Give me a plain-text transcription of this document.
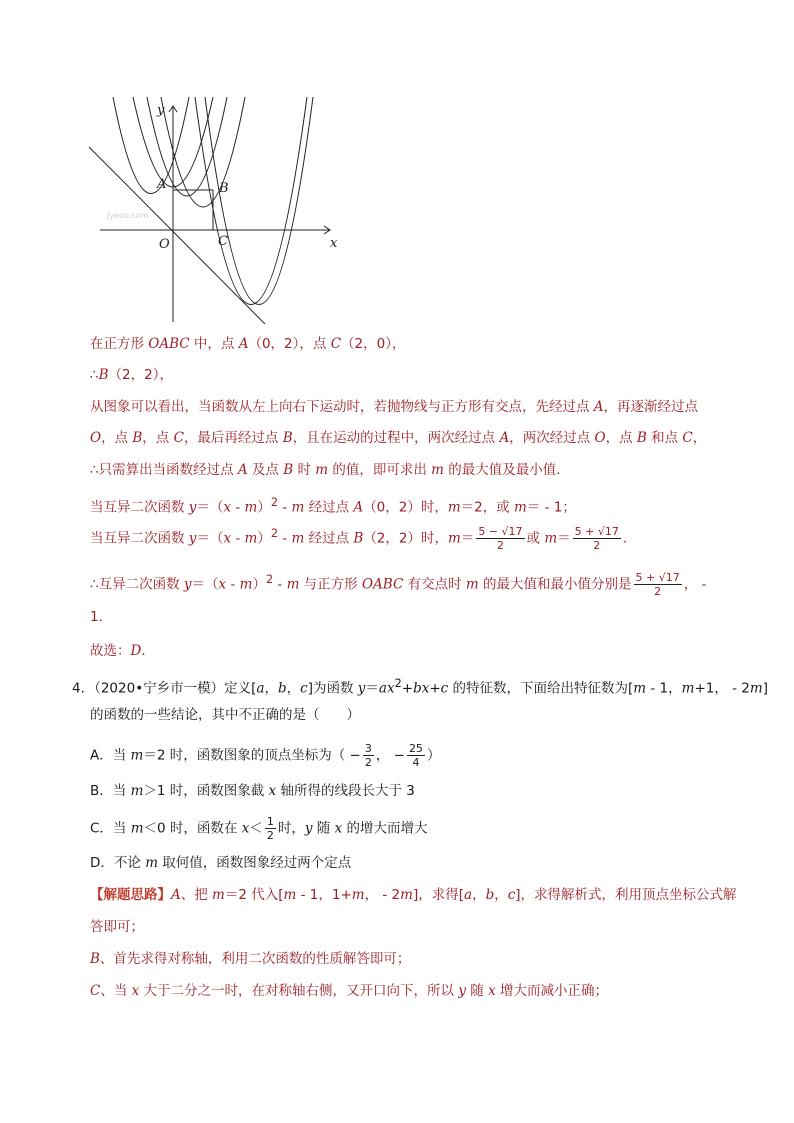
y
x
A	B
O	C
Jyeoo.com
在正方形 OABC 中，点 A（0，2），点 C（2，0），
∴B（2，2），
从图象可以看出，当函数从左上向右下运动时，若抛物线与正方形有交点，先经过点 A，再逐渐经过点
O，点 B，点 C，最后再经过点 B，且在运动的过程中，两次经过点 A，两次经过点 O，点 B 和点 C，
∴只需算出当函数经过点 A 及点 B 时 m 的值，即可求出 m 的最大值及最小值．
当互异二次函数 y＝（x - m）$^2$ - m 经过点 A（0，2）时，m＝2，或 m＝ - 1；
当互异二次函数 y＝（x - m）$^2$ - m 经过点 B（2，2）时，$m= \frac{5 - √17}{2}$ 或 $m= \frac{5 + √17}{2}$ .
∴互异二次函数 y＝（x - m）$^2$ - m 与正方形 OABC 有交点时 m 的最大值和最小值分别是 $\frac{5 + √17}{2}$ ， -
1．
故选：D．
4．（2020•宁乡市一模）定义[a，b，c]为函数 $y=ax^2+bx+c$ 的特征数，下面给出特征数为[m - 1，m+1， - 2m]
的函数的一些结论，其中不正确的是（　　）
A．当 m＝2 时，函数图象的顶点坐标为（ − $\frac{3}{2}$ ， − $\frac{25}{4}$ ）
B．当 m＞1 时，函数图象截 x 轴所得的线段长大于 3
C．当 m＜0 时，函数在 $x< \frac{1}{2}$ 时，y 随 x 的增大而增大
D．不论 m 取何值，函数图象经过两个定点
【解题思路】A、把 m＝2 代入[m - 1，1+m， - 2m]，求得[a，b，c]，求得解析式，利用顶点坐标公式解
答即可；
B、首先求得对称轴，利用二次函数的性质解答即可；
C、当 x 大于二分之一时，在对称轴右侧，又开口向下，所以 y 随 x 增大而减小正确；
